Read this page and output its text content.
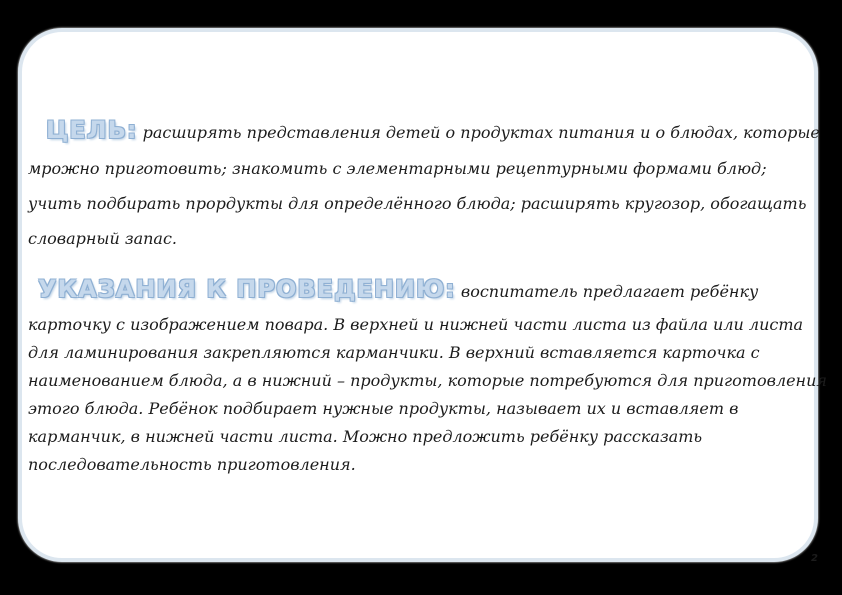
ЦЕЛЬ: расширять представления детей о продуктах питания и о блюдах, которые
мрожно приготовить; знакомить с элементарными рецептурными формами блюд;
учить подбирать прордукты для определённого блюда; расширять кругозор, обогащать
словарный запас.
УКАЗАНИЯ К ПРОВЕДЕНИЮ: воспитатель предлагает ребёнку
карточку с изображением повара. В верхней и нижней части листа из файла или листа
для ламинирования закрепляются карманчики. В верхний вставляется карточка с
наименованием блюда, а в нижний – продукты, которые потребуются для приготовления
этого блюда. Ребёнок подбирает нужные продукты, называет их и вставляет в
карманчик, в нижней части листа. Можно предложить ребёнку рассказать
последовательность приготовления.
2
